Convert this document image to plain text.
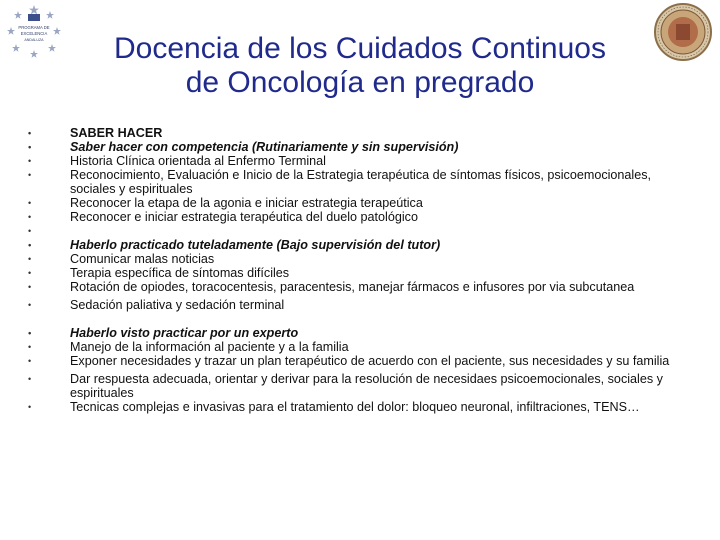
PROGRAMA DE
EXCELENCIA
ANDALUZA	Docencia de los Cuidados Continuos
de Oncología en pregrado
• SABER HACER
• Saber hacer con competencia (Rutinariamente y sin supervisión)
• Historia Clínica orientada al Enfermo Terminal
• Reconocimiento, Evaluación e Inicio de la Estrategia terapéutica de síntomas físicos, psicoemocionales, sociales y espirituales
• Reconocer la etapa de la agonia e iniciar estrategia terapeútica
• Reconocer e iniciar estrategia terapéutica del duelo patológico
•
• Haberlo practicado tuteladamente (Bajo supervisión del tutor)
• Comunicar malas noticias
• Terapia específica de síntomas difíciles
• Rotación de opiodes, toracocentesis, paracentesis, manejar fármacos e infusores por via subcutanea
• Sedación paliativa y sedación terminal
• Haberlo visto practicar por un experto
• Manejo de la información al paciente y a la familia
• Exponer necesidades y trazar un plan terapéutico de acuerdo con el paciente, sus necesidades y su familia
• Dar respuesta adecuada, orientar y derivar para la resolución de necesidaes psicoemocionales, sociales y espirituales
• Tecnicas complejas e invasivas para el tratamiento del dolor: bloqueo neuronal, infiltraciones, TENS…
